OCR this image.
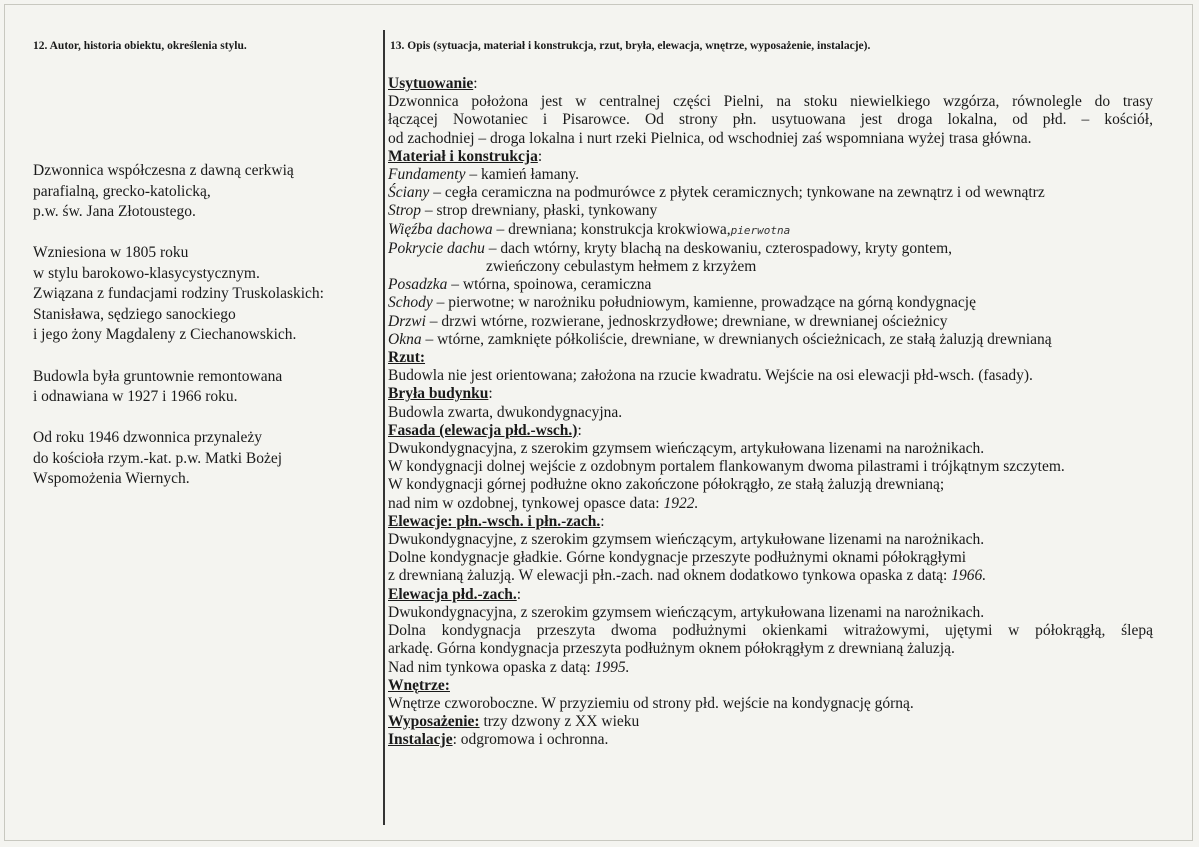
12. Autor, historia obiektu, określenia stylu.

Dzwonnica współczesna z dawną cerkwią
parafialną, grecko-katolicką,
p.w. św. Jana Złotoustego.

Wzniesiona w 1805 roku
w stylu barokowo-klasycystycznym.
Związana z fundacjami rodziny Truskolaskich:
Stanisława, sędziego sanockiego
i jego żony Magdaleny z Ciechanowskich.

Budowla była gruntownie remontowana
i odnawiana w 1927 i 1966 roku.

Od roku 1946 dzwonnica przynależy
do kościoła rzym.-kat. p.w. Matki Bożej
Wspomożenia Wiernych.

13. Opis (sytuacja, materiał i konstrukcja, rzut, bryła, elewacja, wnętrze, wyposażenie, instalacje).
Usytuowanie:
Dzwonnica położona jest w centralnej części Pielni, na stoku niewielkiego wzgórza, równolegle do trasy
łączącej Nowotaniec i Pisarowce. Od strony płn. usytuowana jest droga lokalna, od płd. – kościół,
od zachodniej – droga lokalna i nurt rzeki Pielnica, od wschodniej zaś wspomniana wyżej trasa główna.
Materiał i konstrukcja:
Fundamenty – kamień łamany.
Ściany – cegła ceramiczna na podmurówce z płytek ceramicznych; tynkowane na zewnątrz i od wewnątrz
Strop – strop drewniany, płaski, tynkowany
Więźba dachowa – drewniana; konstrukcja krokwiowa,pierwotna
Pokrycie dachu – dach wtórny, kryty blachą na deskowaniu, czterospadowy, kryty gontem,
zwieńczony cebulastym hełmem z krzyżem
Posadzka – wtórna, spoinowa, ceramiczna
Schody – pierwotne; w narożniku południowym, kamienne, prowadzące na górną kondygnację
Drzwi – drzwi wtórne, rozwierane, jednoskrzydłowe; drewniane, w drewnianej ościeżnicy
Okna – wtórne, zamknięte półkoliście, drewniane, w drewnianych ościeżnicach, ze stałą żaluzją drewnianą
Rzut:
Budowla nie jest orientowana; założona na rzucie kwadratu. Wejście na osi elewacji płd-wsch. (fasady).
Bryła budynku:
Budowla zwarta, dwukondygnacyjna.
Fasada (elewacja płd.-wsch.):
Dwukondygnacyjna, z szerokim gzymsem wieńczącym, artykułowana lizenami na narożnikach.
W kondygnacji dolnej wejście z ozdobnym portalem flankowanym dwoma pilastrami i trójkątnym szczytem.
W kondygnacji górnej podłużne okno zakończone półokrągło, ze stałą żaluzją drewnianą;
nad nim w ozdobnej, tynkowej opasce data: 1922.
Elewacje: płn.-wsch. i płn.-zach.:
Dwukondygnacyjne, z szerokim gzymsem wieńczącym, artykułowane lizenami na narożnikach.
Dolne kondygnacje gładkie. Górne kondygnacje przeszyte podłużnymi oknami półokrągłymi
z drewnianą żaluzją. W elewacji płn.-zach. nad oknem dodatkowo tynkowa opaska z datą: 1966.
Elewacja płd.-zach.:
Dwukondygnacyjna, z szerokim gzymsem wieńczącym, artykułowana lizenami na narożnikach.
Dolna kondygnacja przeszyta dwoma podłużnymi okienkami witrażowymi, ujętymi w półokrągłą, ślepą
arkadę. Górna kondygnacja przeszyta podłużnym oknem półokrągłym z drewnianą żaluzją.
Nad nim tynkowa opaska z datą: 1995.
Wnętrze:
Wnętrze czworoboczne. W przyziemiu od strony płd. wejście na kondygnację górną.
Wyposażenie: trzy dzwony z XX wieku
Instalacje: odgromowa i ochronna.
